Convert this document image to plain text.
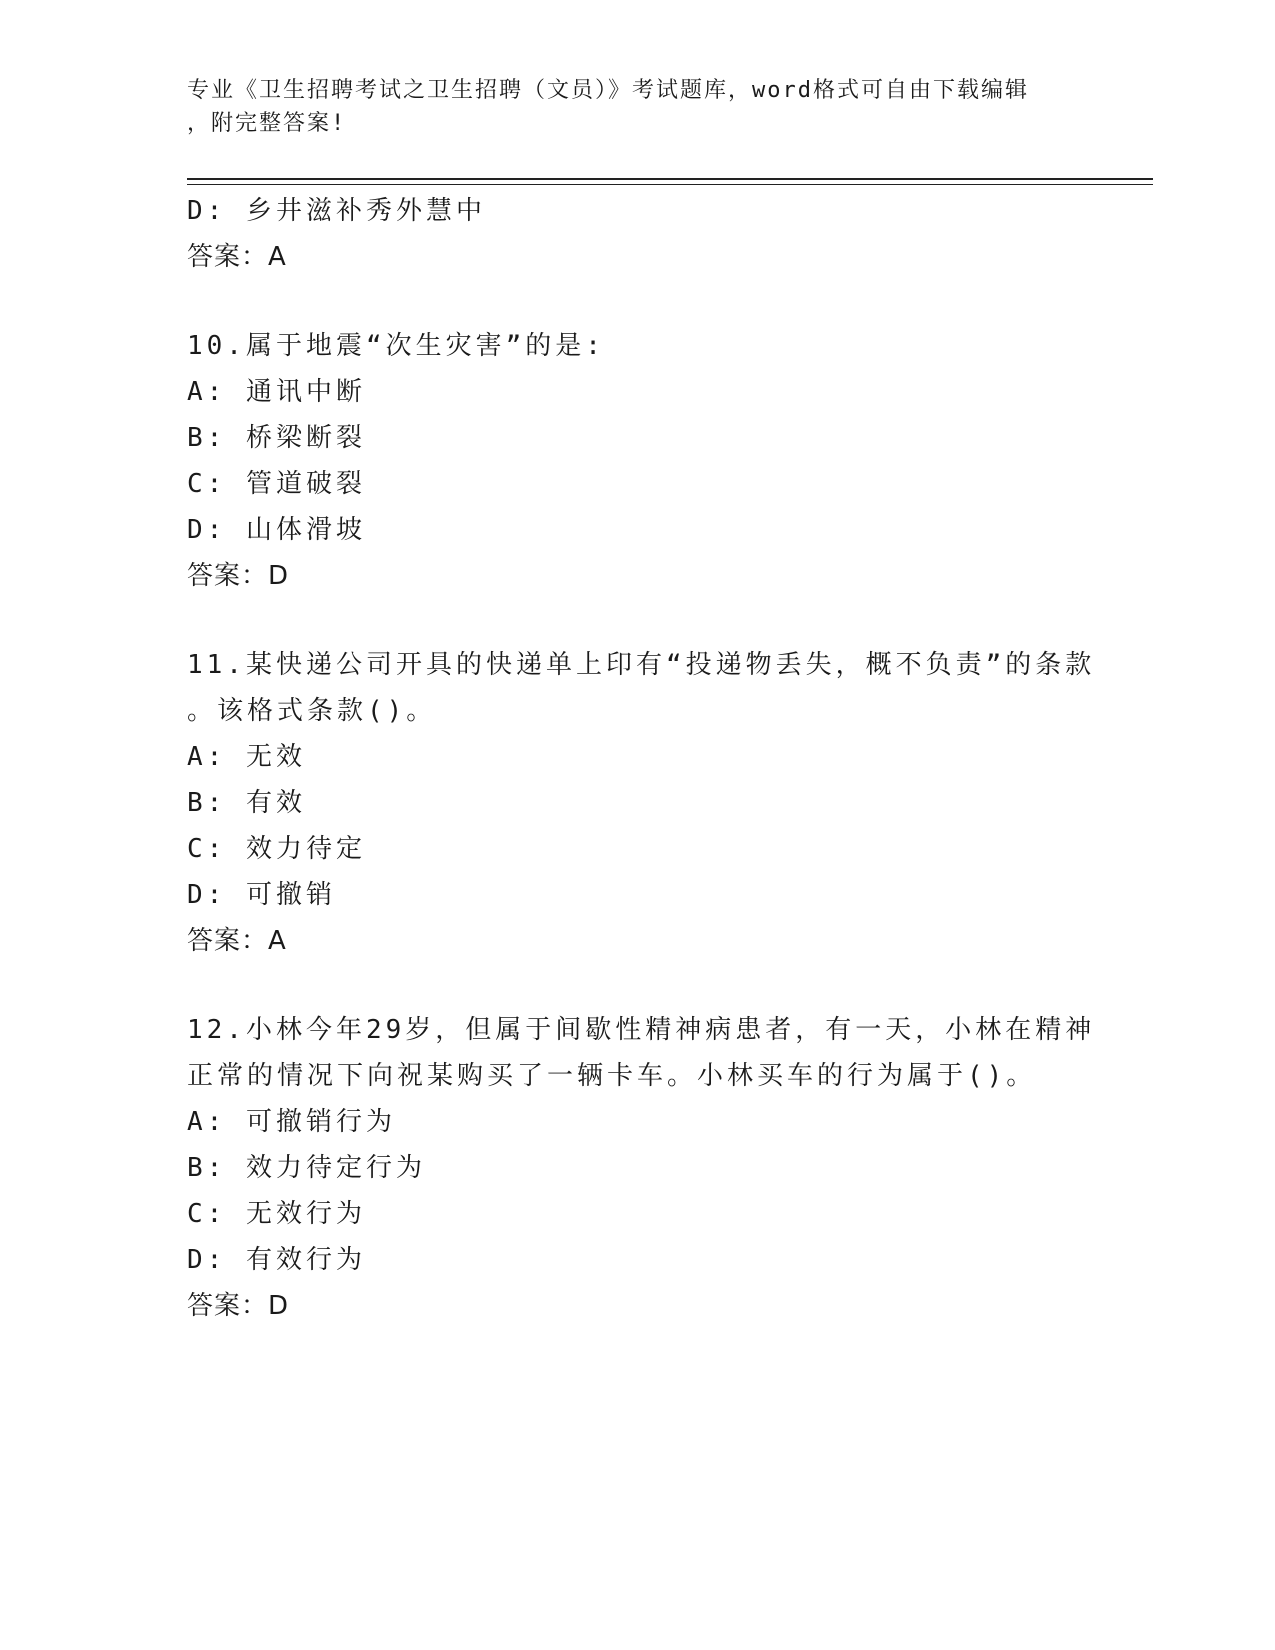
专业《卫生招聘考试之卫生招聘（文员）》考试题库，word格式可自由下载编辑
，附完整答案!
D: 乡井滋补秀外慧中
答案：A
10.属于地震“次生灾害”的是:
A: 通讯中断
B: 桥梁断裂
C: 管道破裂
D: 山体滑坡
答案：D
11.某快递公司开具的快递单上印有“投递物丢失，概不负责”的条款
。该格式条款()。
A: 无效
B: 有效
C: 效力待定
D: 可撤销
答案：A
12.小林今年29岁，但属于间歇性精神病患者，有一天，小林在精神
正常的情况下向祝某购买了一辆卡车。小林买车的行为属于()。
A: 可撤销行为
B: 效力待定行为
C: 无效行为
D: 有效行为
答案：D
